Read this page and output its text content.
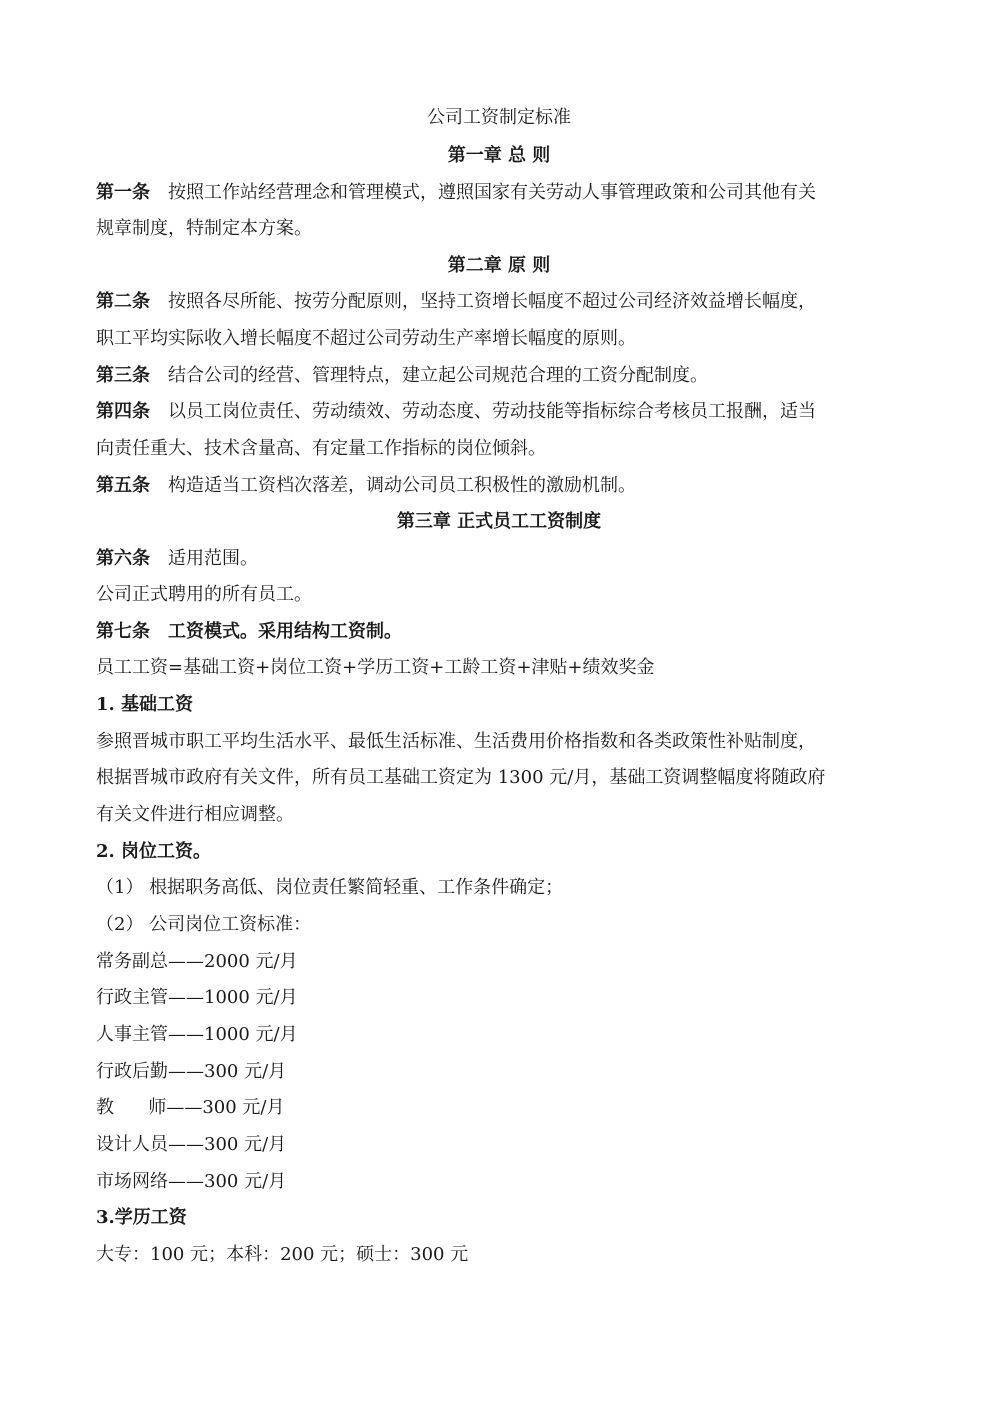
公司工资制定标准
第一章 总 则
第一条 按照工作站经营理念和管理模式，遵照国家有关劳动人事管理政策和公司其他有关
规章制度，特制定本方案。
第二章 原 则
第二条 按照各尽所能、按劳分配原则，坚持工资增长幅度不超过公司经济效益增长幅度，
职工平均实际收入增长幅度不超过公司劳动生产率增长幅度的原则。
第三条 结合公司的经营、管理特点，建立起公司规范合理的工资分配制度。
第四条 以员工岗位责任、劳动绩效、劳动态度、劳动技能等指标综合考核员工报酬，适当
向责任重大、技术含量高、有定量工作指标的岗位倾斜。
第五条 构造适当工资档次落差，调动公司员工积极性的激励机制。
第三章 正式员工工资制度
第六条 适用范围。
公司正式聘用的所有员工。
第七条 工资模式。采用结构工资制。
员工工资=基础工资+岗位工资+学历工资+工龄工资+津贴+绩效奖金
1. 基础工资
参照晋城市职工平均生活水平、最低生活标准、生活费用价格指数和各类政策性补贴制度，
根据晋城市政府有关文件，所有员工基础工资定为 1300 元/月，基础工资调整幅度将随政府
有关文件进行相应调整。
2. 岗位工资。
（1） 根据职务高低、岗位责任繁简轻重、工作条件确定；
（2） 公司岗位工资标准：
常务副总——2000 元/月
行政主管——1000 元/月
人事主管——1000 元/月
行政后勤——300 元/月
教      师——300 元/月
设计人员——300 元/月
市场网络——300 元/月
3.学历工资
大专：100 元；本科：200 元；硕士：300 元
